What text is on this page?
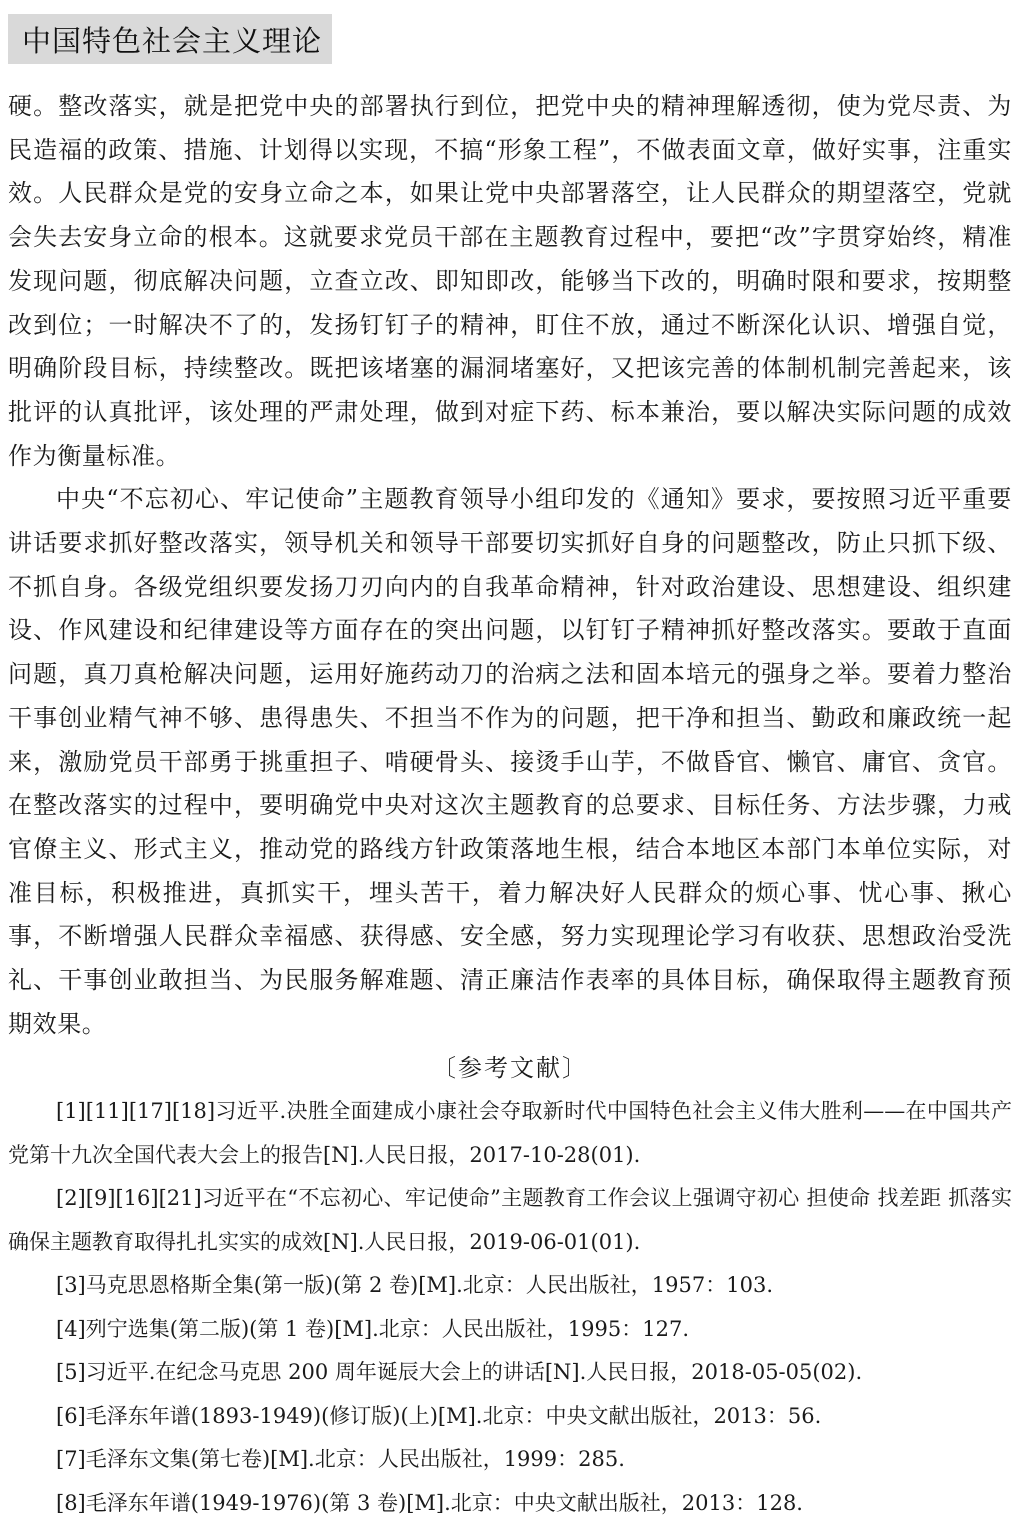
中国特色社会主义理论

硬。整改落实，就是把党中央的部署执行到位，把党中央的精神理解透彻，使为党尽责、为民造福的政策、措施、计划得以实现，不搞“形象工程”，不做表面文章，做好实事，注重实效。人民群众是党的安身立命之本，如果让党中央部署落空，让人民群众的期望落空，党就会失去安身立命的根本。这就要求党员干部在主题教育过程中，要把“改”字贯穿始终，精准发现问题，彻底解决问题，立查立改、即知即改，能够当下改的，明确时限和要求，按期整改到位；一时解决不了的，发扬钉钉子的精神，盯住不放，通过不断深化认识、增强自觉，明确阶段目标，持续整改。既把该堵塞的漏洞堵塞好，又把该完善的体制机制完善起来，该批评的认真批评，该处理的严肃处理，做到对症下药、标本兼治，要以解决实际问题的成效作为衡量标准。

中央“不忘初心、牢记使命”主题教育领导小组印发的《通知》要求，要按照习近平重要讲话要求抓好整改落实，领导机关和领导干部要切实抓好自身的问题整改，防止只抓下级、不抓自身。各级党组织要发扬刀刃向内的自我革命精神，针对政治建设、思想建设、组织建设、作风建设和纪律建设等方面存在的突出问题，以钉钉子精神抓好整改落实。要敢于直面问题，真刀真枪解决问题，运用好施药动刀的治病之法和固本培元的强身之举。要着力整治干事创业精气神不够、患得患失、不担当不作为的问题，把干净和担当、勤政和廉政统一起来，激励党员干部勇于挑重担子、啃硬骨头、接烫手山芋，不做昏官、懒官、庸官、贪官。在整改落实的过程中，要明确党中央对这次主题教育的总要求、目标任务、方法步骤，力戒官僚主义、形式主义，推动党的路线方针政策落地生根，结合本地区本部门本单位实际，对准目标，积极推进，真抓实干，埋头苦干，着力解决好人民群众的烦心事、忧心事、揪心事，不断增强人民群众幸福感、获得感、安全感，努力实现理论学习有收获、思想政治受洗礼、干事创业敢担当、为民服务解难题、清正廉洁作表率的具体目标，确保取得主题教育预期效果。

〔参考文献〕

[1][11][17][18]习近平.决胜全面建成小康社会夺取新时代中国特色社会主义伟大胜利——在中国共产党第十九次全国代表大会上的报告[N].人民日报，2017-10-28(01).

[2][9][16][21]习近平在“不忘初心、牢记使命”主题教育工作会议上强调守初心 担使命 找差距 抓落实 确保主题教育取得扎扎实实的成效[N].人民日报，2019-06-01(01).

[3]马克思恩格斯全集(第一版)(第 2 卷)[M].北京：人民出版社，1957：103.

[4]列宁选集(第二版)(第 1 卷)[M].北京：人民出版社，1995：127.

[5]习近平.在纪念马克思 200 周年诞辰大会上的讲话[N].人民日报，2018-05-05(02).

[6]毛泽东年谱(1893-1949)(修订版)(上)[M].北京：中央文献出版社，2013：56.

[7]毛泽东文集(第七卷)[M].北京：人民出版社，1999：285.

[8]毛泽东年谱(1949-1976)(第 3 卷)[M].北京：中央文献出版社，2013：128.
